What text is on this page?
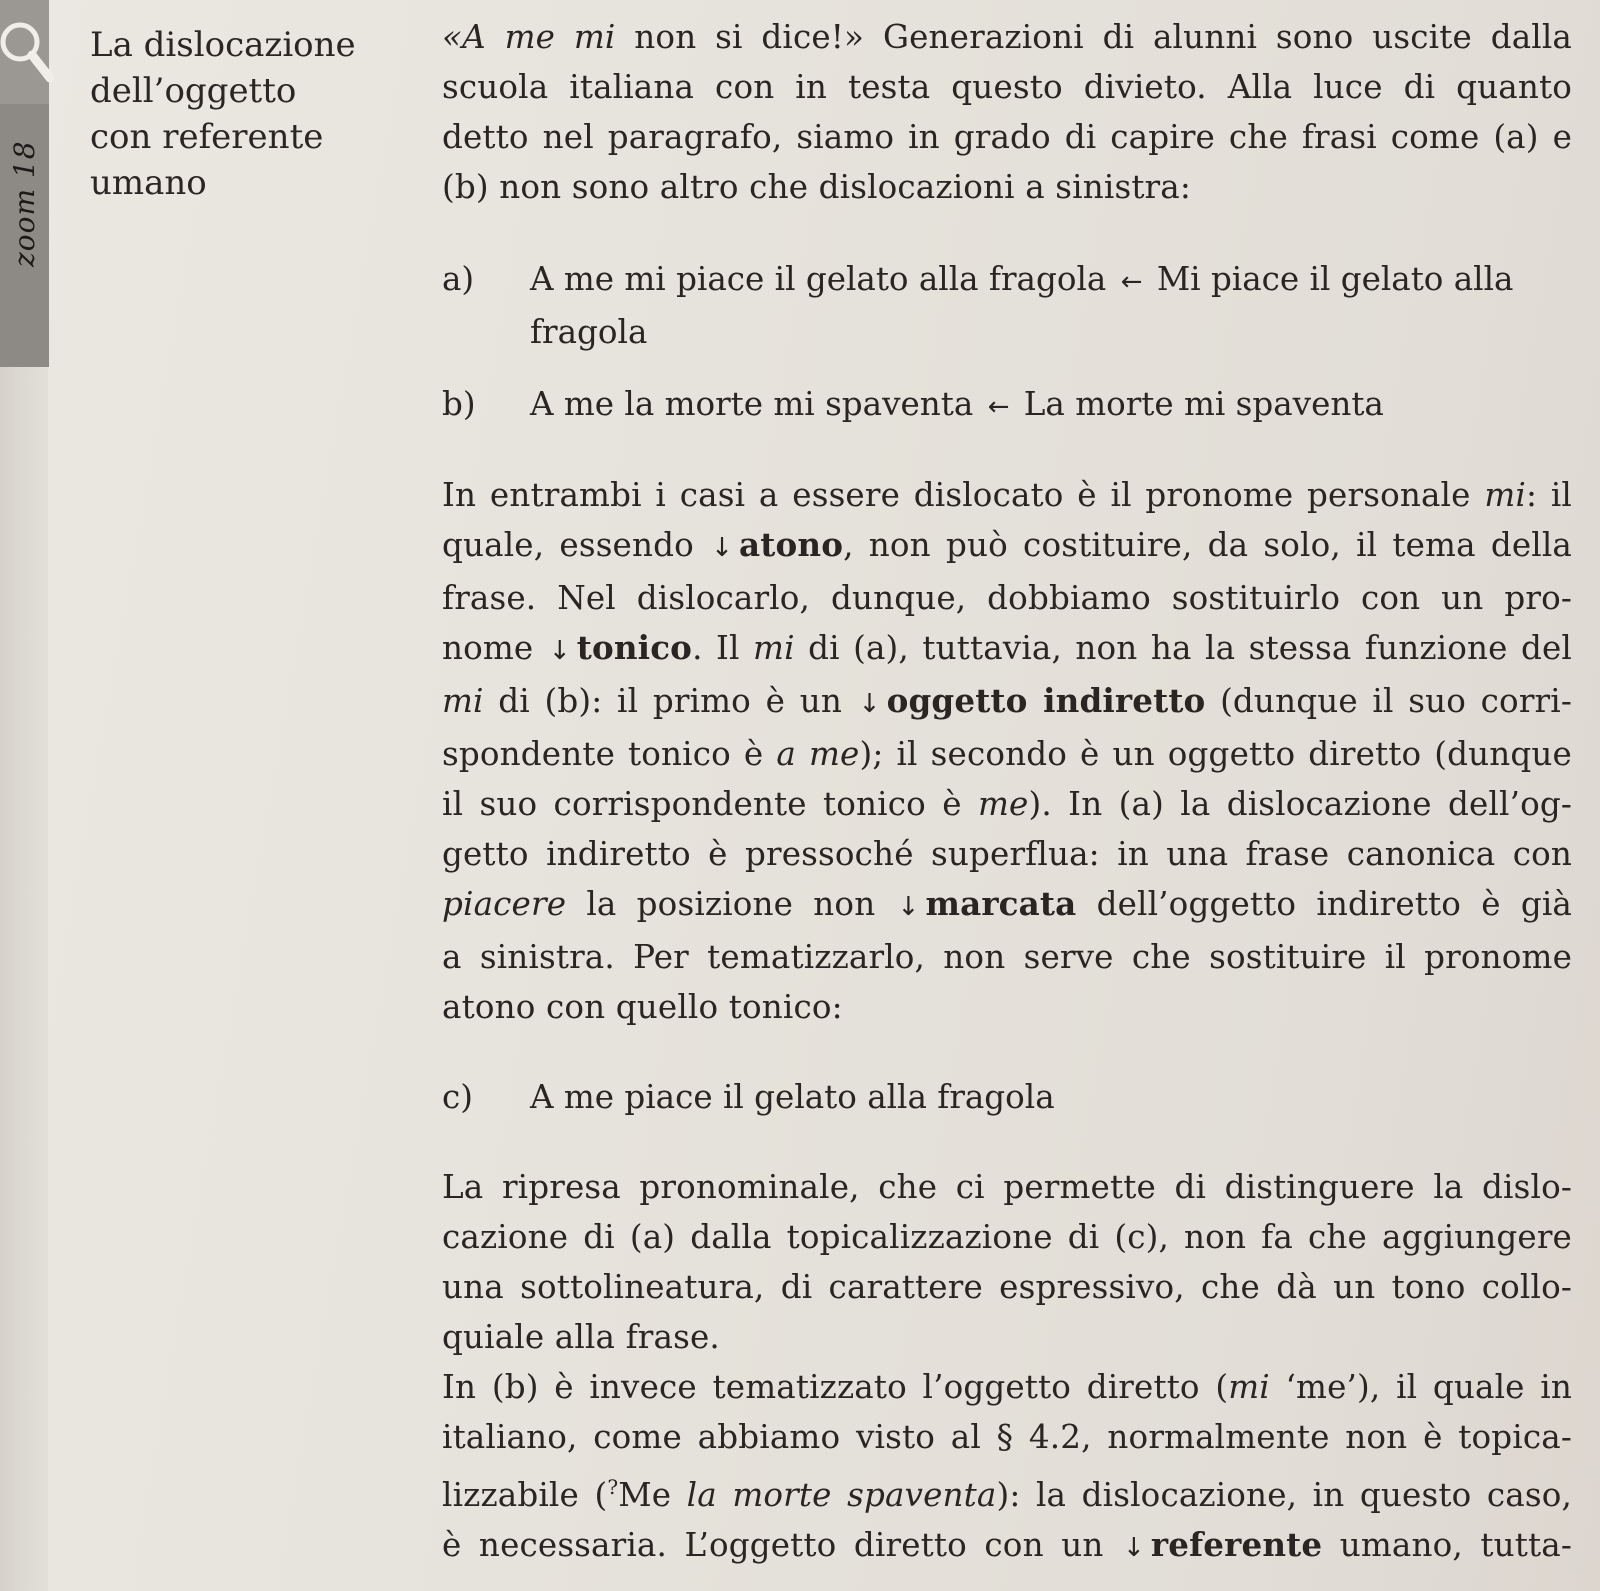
zoom 18
La dislocazione
dell’oggetto
con referente
umano
«A me mi non si dice!» Generazioni di alunni sono uscite dalla
scuola italiana con in testa questo divieto. Alla luce di quanto
detto nel paragrafo, siamo in grado di capire che frasi come (a) e
(b) non sono altro che dislocazioni a sinistra:
a)	A me mi piace il gelato alla fragola ← Mi piace il gelato alla
fragola
b)	A me la morte mi spaventa ← La morte mi spaventa
In entrambi i casi a essere dislocato è il pronome personale mi: il
quale, essendo ↓ atono, non può costituire, da solo, il tema della
frase. Nel dislocarlo, dunque, dobbiamo sostituirlo con un pro-
nome ↓ tonico. Il mi di (a), tuttavia, non ha la stessa funzione del
mi di (b): il primo è un ↓ oggetto indiretto (dunque il suo corri-
spondente tonico è a me); il secondo è un oggetto diretto (dunque
il suo corrispondente tonico è me). In (a) la dislocazione dell’og-
getto indiretto è pressoché superflua: in una frase canonica con
piacere la posizione non ↓ marcata dell’oggetto indiretto è già
a sinistra. Per tematizzarlo, non serve che sostituire il pronome
atono con quello tonico:
c)	A me piace il gelato alla fragola
La ripresa pronominale, che ci permette di distinguere la dislo-
cazione di (a) dalla topicalizzazione di (c), non fa che aggiungere
una sottolineatura, di carattere espressivo, che dà un tono collo-
quiale alla frase.
In (b) è invece tematizzato l’oggetto diretto (mi ‘me’), il quale in
italiano, come abbiamo visto al § 4.2, normalmente non è topica-
lizzabile (?Me la morte spaventa): la dislocazione, in questo caso,
è necessaria. L’oggetto diretto con un ↓ referente umano, tutta-
